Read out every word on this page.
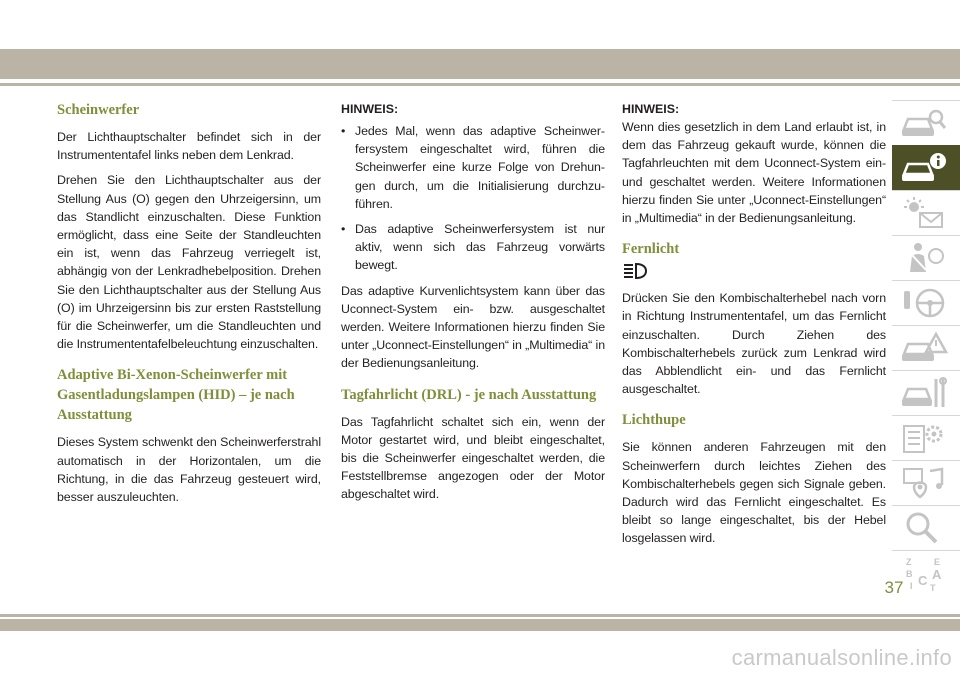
Scheinwerfer

Der Lichthauptschalter befindet sich in der Instrumententafel links neben dem Lenkrad.

Drehen Sie den Lichthauptschalter aus der Stellung Aus (O) gegen den Uhrzeigersinn, um das Standlicht einzuschalten. Diese Funktion ermöglicht, dass eine Seite der Standleuchten ein ist, wenn das Fahrzeug verriegelt ist, abhängig von der Lenkradhebelposition. Drehen Sie den Lichthauptschalter aus der Stellung Aus (O) im Uhrzeigersinn bis zur ersten Raststellung für die Scheinwerfer, um die Standleuchten und die Instrumententafelbeleuchtung einzuschalten.

Adaptive Bi-Xenon-Scheinwerfer mit Gasentladungslampen (HID) – je nach Ausstattung

Dieses System schwenkt den Scheinwerferstrahl automatisch in der Horizontalen, um die Richtung, in die das Fahrzeug gesteuert wird, besser auszuleuchten.

HINWEIS:
• Jedes Mal, wenn das adaptive Scheinwerfersystem eingeschaltet wird, führen die Scheinwerfer eine kurze Folge von Drehungen durch, um die Initialisierung durchzuführen.
• Das adaptive Scheinwerfersystem ist nur aktiv, wenn sich das Fahrzeug vorwärts bewegt.

Das adaptive Kurvenlichtsystem kann über das Uconnect-System ein- bzw. ausgeschaltet werden. Weitere Informationen hierzu finden Sie unter „Uconnect-Einstellungen“ in „Multimedia“ in der Bedienungsanleitung.

Tagfahrlicht (DRL) - je nach Ausstattung

Das Tagfahrlicht schaltet sich ein, wenn der Motor gestartet wird, und bleibt eingeschaltet, bis die Scheinwerfer eingeschaltet werden, die Feststellbremse angezogen oder der Motor abgeschaltet wird.

HINWEIS:

Wenn dies gesetzlich in dem Land erlaubt ist, in dem das Fahrzeug gekauft wurde, können die Tagfahrleuchten mit dem Uconnect-System ein- und geschaltet werden. Weitere Informationen hierzu finden Sie unter „Uconnect-Einstellungen“ in „Multimedia“ in der Bedienungsanleitung.

Fernlicht

Drücken Sie den Kombischalterhebel nach vorn in Richtung Instrumententafel, um das Fernlicht einzuschalten. Durch Ziehen des Kombischalterhebels zurück zum Lenkrad wird das Abblendlicht ein- und das Fernlicht ausgeschaltet.

Lichthupe

Sie können anderen Fahrzeugen mit den Scheinwerfern durch leichtes Ziehen des Kombischalterhebels gegen sich Signale geben. Dadurch wird das Fernlicht eingeschaltet. Es bleibt so lange eingeschaltet, bis der Hebel losgelassen wird.

Z	E
B A
I C T
37
carmanualsonline.info
